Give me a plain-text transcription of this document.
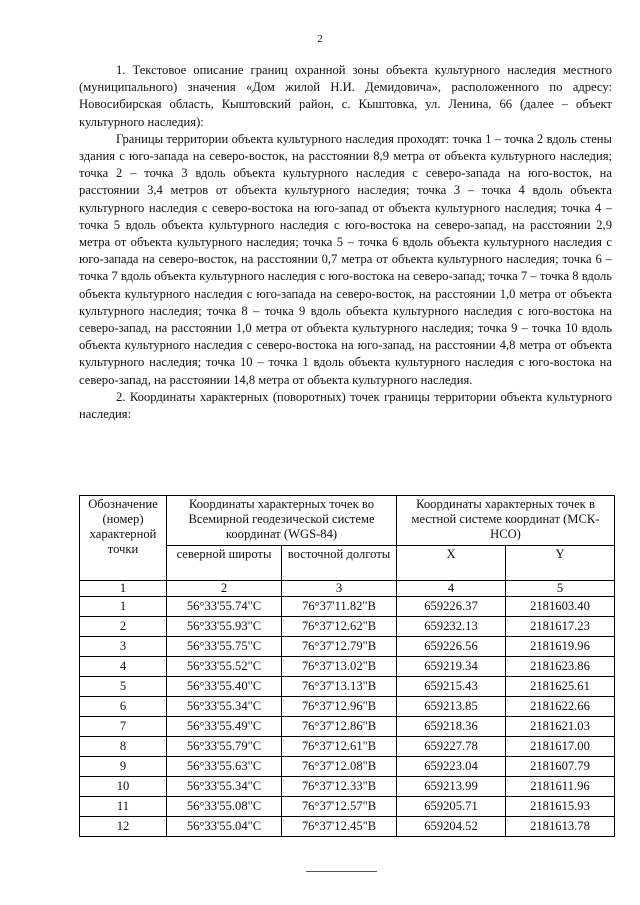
2

1. Текстовое описание границ охранной зоны объекта культурного наследия местного (муниципального) значения «Дом жилой Н.И. Демидовича», расположенного по адресу: Новосибирская область, Кыштовский район, с. Кыштовка, ул. Ленина, 66 (далее – объект культурного наследия):

Границы территории объекта культурного наследия проходят: точка 1 – точка 2 вдоль стены здания с юго-запада на северо-восток, на расстоянии 8,9 метра от объекта культурного наследия; точка 2 – точка 3 вдоль объекта культурного наследия с северо-запада на юго-восток, на расстоянии 3,4 метров от объекта культурного наследия; точка 3 – точка 4 вдоль объекта культурного наследия с северо-востока на юго-запад от объекта культурного наследия; точка 4 – точка 5 вдоль объекта культурного наследия с юго-востока на северо-запад, на расстоянии 2,9 метра от объекта культурного наследия; точка 5 – точка 6 вдоль объекта культурного наследия с юго-запада на северо-восток, на расстоянии 0,7 метра от объекта культурного наследия; точка 6 – точка 7 вдоль объекта культурного наследия с юго-востока на северо-запад; точка 7 – точка 8 вдоль объекта культурного наследия с юго-запада на северо-восток, на расстоянии 1,0 метра от объекта культурного наследия; точка 8 – точка 9 вдоль объекта культурного наследия с юго-востока на северо-запад, на расстоянии 1,0 метра от объекта культурного наследия; точка 9 – точка 10 вдоль объекта культурного наследия с северо-востока на юго-запад, на расстоянии 4,8 метра от объекта культурного наследия; точка 10 – точка 1 вдоль объекта культурного наследия с юго-востока на северо-запад, на расстоянии 14,8 метра от объекта культурного наследия.

2. Координаты характерных (поворотных) точек границы территории объекта культурного наследия:

Обозначение (номер) характерной точки	Координаты характерных точек во Всемирной геодезической системе координат (WGS-84)		Координаты характерных точек в местной системе координат (МСК-НСО)	
	северной широты	восточной долготы	X	Y
1	2	3	4	5
1	56°33'55.74"С	76°37'11.82"В	659226.37	2181603.40
2	56°33'55.93"С	76°37'12.62"В	659232.13	2181617.23
3	56°33'55.75"С	76°37'12.79"В	659226.56	2181619.96
4	56°33'55.52"С	76°37'13.02"В	659219.34	2181623.86
5	56°33'55.40"С	76°37'13.13"В	659215.43	2181625.61
6	56°33'55.34"С	76°37'12.96"В	659213.85	2181622.66
7	56°33'55.49"С	76°37'12.86"В	659218.36	2181621.03
8	56°33'55.79"С	76°37'12.61"В	659227.78	2181617.00
9	56°33'55.63"С	76°37'12.08"В	659223.04	2181607.79
10	56°33'55.34"С	76°37'12.33"В	659213.99	2181611.96
11	56°33'55.08"С	76°37'12.57"В	659205.71	2181615.93
12	56°33'55.04"С	76°37'12.45"В	659204.52	2181613.78
